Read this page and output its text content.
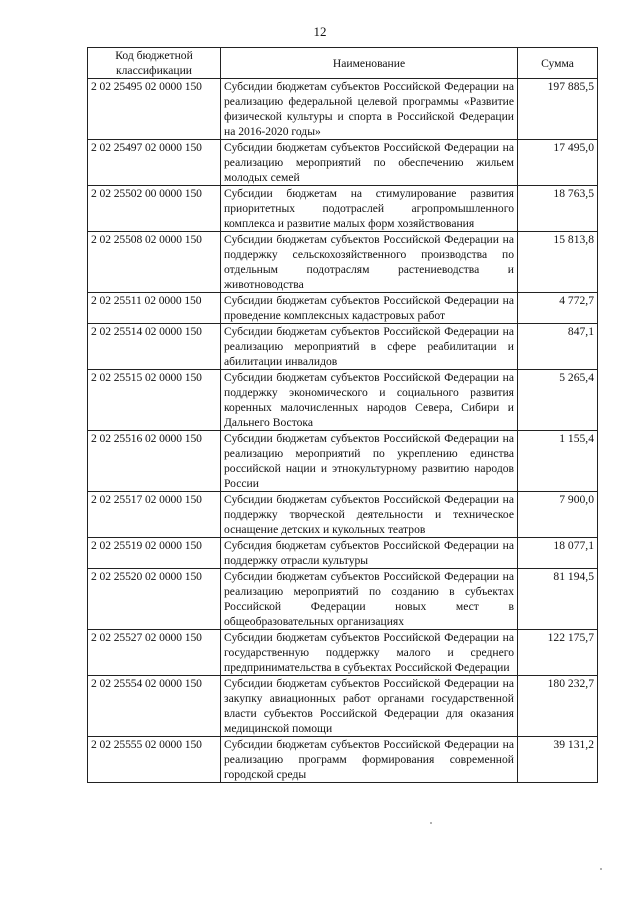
12
Код бюджетной классификации	Наименование	Сумма
2 02 25495 02 0000 150	Субсидии бюджетам субъектов Российской Федерации на реализацию федеральной целевой программы «Развитие физической культуры и спорта в Российской Федерации на 2016-2020 годы»	197 885,5
2 02 25497 02 0000 150	Субсидии бюджетам субъектов Российской Федерации на реализацию мероприятий по обеспечению жильем молодых семей	17 495,0
2 02 25502 00 0000 150	Субсидии бюджетам на стимулирование развития приоритетных подотраслей агропромышленного комплекса и развитие малых форм хозяйствования	18 763,5
2 02 25508 02 0000 150	Субсидии бюджетам субъектов Российской Федерации на поддержку сельскохозяйственного производства по отдельным подотраслям растениеводства и животноводства	15 813,8
2 02 25511 02 0000 150	Субсидии бюджетам субъектов Российской Федерации на проведение комплексных кадастровых работ	4 772,7
2 02 25514 02 0000 150	Субсидии бюджетам субъектов Российской Федерации на реализацию мероприятий в сфере реабилитации и абилитации инвалидов	847,1
2 02 25515 02 0000 150	Субсидии бюджетам субъектов Российской Федерации на поддержку экономического и социального развития коренных малочисленных народов Севера, Сибири и Дальнего Востока	5 265,4
2 02 25516 02 0000 150	Субсидии бюджетам субъектов Российской Федерации на реализацию мероприятий по укреплению единства российской нации и этнокультурному развитию народов России	1 155,4
2 02 25517 02 0000 150	Субсидии бюджетам субъектов Российской Федерации на поддержку творческой деятельности и техническое оснащение детских и кукольных театров	7 900,0
2 02 25519 02 0000 150	Субсидия бюджетам субъектов Российской Федерации на поддержку отрасли культуры	18 077,1
2 02 25520 02 0000 150	Субсидии бюджетам субъектов Российской Федерации на реализацию мероприятий по созданию в субъектах Российской Федерации новых мест в общеобразовательных организациях	81 194,5
2 02 25527 02 0000 150	Субсидии бюджетам субъектов Российской Федерации на государственную поддержку малого и среднего предпринимательства в субъектах Российской Федерации	122 175,7
2 02 25554 02 0000 150	Субсидии бюджетам субъектов Российской Федерации на закупку авиационных работ органами государственной власти субъектов Российской Федерации для оказания медицинской помощи	180 232,7
2 02 25555 02 0000 150	Субсидии бюджетам субъектов Российской Федерации на реализацию программ формирования современной городской среды	39 131,2
